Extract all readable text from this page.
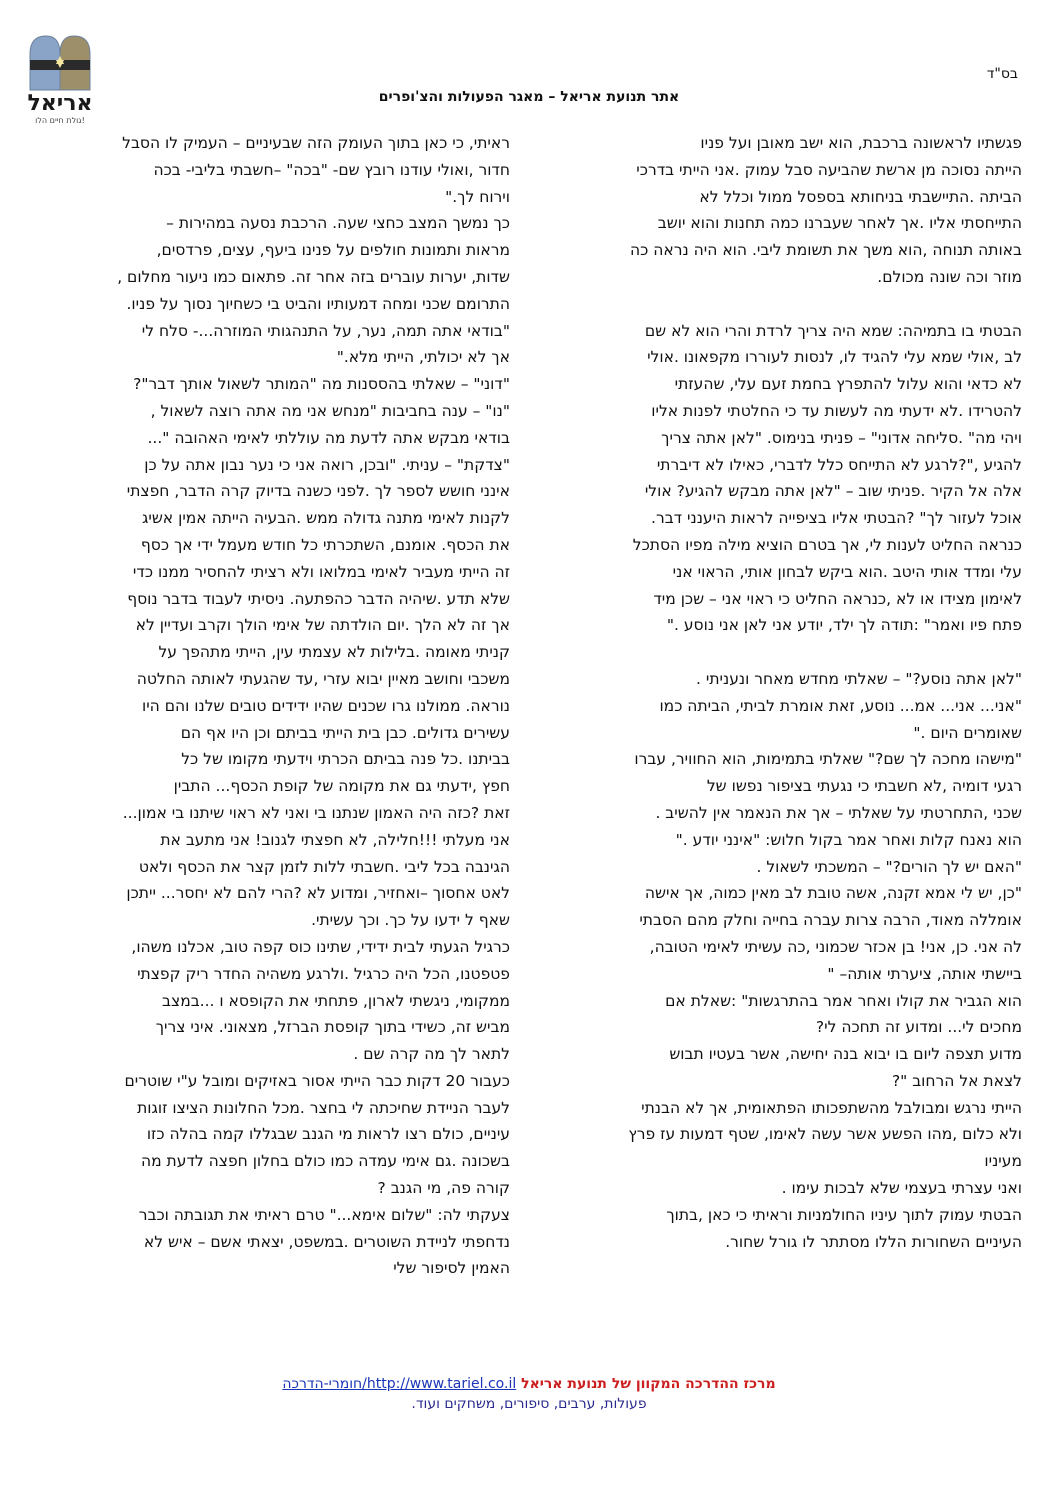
אריאל
גולת חיים הלו!
בס"ד
אתר תנועת אריאל – מאגר הפעולות והצ'ופרים

פגשתיו לראשונה ברכבת, הוא ישב מאובן ועל פניו
הייתה נסוכה מן ארשת שהביעה סבל עמוק .אני הייתי בדרכי
הביתה .התיישבתי בניחותא בספסל ממול וכלל לא
התייחסתי אליו .אך לאחר שעברנו כמה תחנות והוא יושב
באותה תנוחה ,הוא משך את תשומת ליבי. הוא היה נראה כה
מוזר וכה שונה מכולם.

הבטתי בו בתמיהה: שמא היה צריך לרדת והרי הוא לא שם
לב ,אולי שמא עלי להגיד לו, לנסות לעוררו מקפאונו .אולי
לא כדאי והוא עלול להתפרץ בחמת זעם עלי, שהעזתי
להטרידו .לא ידעתי מה לעשות עד כי החלטתי לפנות אליו
ויהי מה" .סליחה אדוני" – פניתי בנימוס. "לאן אתה צריך
להגיע ,"?לרגע לא התייחס כלל לדברי, כאילו לא דיברתי
אלה אל הקיר .פניתי שוב – "לאן אתה מבקש להגיע? אולי
אוכל לעזור לך" ?הבטתי אליו בציפייה לראות היענני דבר.
כנראה החליט לענות לי, אך בטרם הוציא מילה מפיו הסתכל
עלי ומדד אותי היטב .הוא ביקש לבחון אותי, הראוי אני
לאימון מצידו או לא ,כנראה החליט כי ראוי אני – שכן מיד
פתח פיו ואמר" :תודה לך ילד, יודע אני לאן אני נוסע ."

"לאן אתה נוסע?" – שאלתי מחדש מאחר ונעניתי .
"אני... אני... אמ... נוסע, זאת אומרת לביתי, הביתה כמו
שאומרים היום ."
"מישהו מחכה לך שם?" שאלתי בתמימות, הוא החוויר, עברו
רגעי דומיה ,לא חשבתי כי נגעתי בציפור נפשו של
שכני ,התחרטתי על שאלתי – אך את הנאמר אין להשיב .
הוא נאנח קלות ואחר אמר בקול חלוש: "אינני יודע ."
"האם יש לך הורים?" – המשכתי לשאול .
"כן, יש לי אמא זקנה, אשה טובת לב מאין כמוה, אך אישה
אומללה מאוד, הרבה צרות עברה בחייה וחלק מהם הסבתי
לה אני. כן, אני! בן אכזר שכמוני ,כה עשיתי לאימי הטובה,
ביישתי אותה, ציערתי אותה– "
הוא הגביר את קולו ואחר אמר בהתרגשות" :שאלת אם
מחכים לי... ומדוע זה תחכה לי?
מדוע תצפה ליום בו יבוא בנה יחישה, אשר בעטיו תבוש
לצאת אל הרחוב "?
הייתי נרגש ומבולבל מהשתפכותו הפתאומית, אך לא הבנתי
ולא כלום ,מהו הפשע אשר עשה לאימו, שטף דמעות עז פרץ
מעיניו
ואני עצרתי בעצמי שלא לבכות עימו .
הבטתי עמוק לתוך עיניו החולמניות וראיתי כי כאן ,בתוך
העיניים השחורות הללו מסתתר לו גורל שחור.

ראיתי, כי כאן בתוך העומק הזה שבעיניים – העמיק לו הסבל
חדור ,ואולי עודנו רובץ שם- "בכה" –חשבתי בליבי- בכה
וירוח לך."
כך נמשך המצב כחצי שעה. הרכבת נסעה במהירות –
מראות ותמונות חולפים על פנינו ביעף, עצים, פרדסים,
שדות, יערות עוברים בזה אחר זה. פתאום כמו ניעור מחלום ,
התרומם שכני ומחה דמעותיו והביט בי כשחיוך נסוך על פניו.
"בודאי אתה תמה, נער, על התנהגותי המוזרה...- סלח לי
אך לא יכולתי, הייתי מלא."
"דוני" – שאלתי בהססנות מה "המותר לשאול אותך דבר"?
"נו" – ענה בחביבות "מנחש אני מה אתה רוצה לשאול ,
בודאי מבקש אתה לדעת מה עוללתי לאימי האהובה "...
"צדקת" – עניתי. "ובכן, רואה אני כי נער נבון אתה על כן
אינני חושש לספר לך .לפני כשנה בדיוק קרה הדבר, חפצתי
לקנות לאימי מתנה גדולה ממש .הבעיה הייתה אמין אשיג
את הכסף. אומנם, השתכרתי כל חודש מעמל ידי אך כסף
זה הייתי מעביר לאימי במלואו ולא רציתי להחסיר ממנו כדי
שלא תדע .שיהיה הדבר כהפתעה. ניסיתי לעבוד בדבר נוסף
אך זה לא הלך .יום הולדתה של אימי הולך וקרב ועדיין לא
קניתי מאומה .בלילות לא עצמתי עין, הייתי מתהפך על
משכבי וחושב מאיין יבוא עזרי ,עד שהגעתי לאותה החלטה
נוראה. ממולנו גרו שכנים שהיו ידידים טובים שלנו והם היו
עשירים גדולים. כבן בית הייתי בביתם וכן היו אף הם
בביתנו .כל פנה בביתם הכרתי וידעתי מקומו של כל
חפץ ,ידעתי גם את מקומה של קופת הכסף... התבין
זאת ?כזה היה האמון שנתנו בי ואני לא ראוי שיתנו בי אמון...
אני מעלתי !!!חלילה, לא חפצתי לגנוב! אני מתעב את
הגינבה בכל ליבי .חשבתי ללות לזמן קצר את הכסף ולאט
לאט אחסוך –ואחזיר, ומדוע לא ?הרי להם לא יחסר... ייתכן
שאף ל ידעו על כך. וכך עשיתי.
כרגיל הגעתי לבית ידידי, שתינו כוס קפה טוב, אכלנו משהו,
פטפטנו, הכל היה כרגיל .ולרגע משהיה החדר ריק קפצתי
ממקומי, ניגשתי לארון, פתחתי את הקופסא ו ...במצב
מביש זה, כשידי בתוך קופסת הברזל, מצאוני. איני צריך
לתאר לך מה קרה שם .
כעבור 20 דקות כבר הייתי אסור באזיקים ומובל ע"י שוטרים
לעבר הניידת שחיכתה לי בחצר .מכל החלונות הציצו זוגות
עיניים, כולם רצו לראות מי הגנב שבגללו קמה בהלה כזו
בשכונה .גם אימי עמדה כמו כולם בחלון חפצה לדעת מה
קורה פה, מי הגנב ?
צעקתי לה: "שלום אימא..." טרם ראיתי את תגובתה וכבר
נדחפתי לניידת השוטרים .במשפט, יצאתי אשם – איש לא
האמין לסיפור שלי

מרכז ההדרכה המקוון של תנועת אריאל http://www.tariel.co.il/חומרי-הדרכה
פעולות, ערבים, סיפורים, משחקים ועוד.
